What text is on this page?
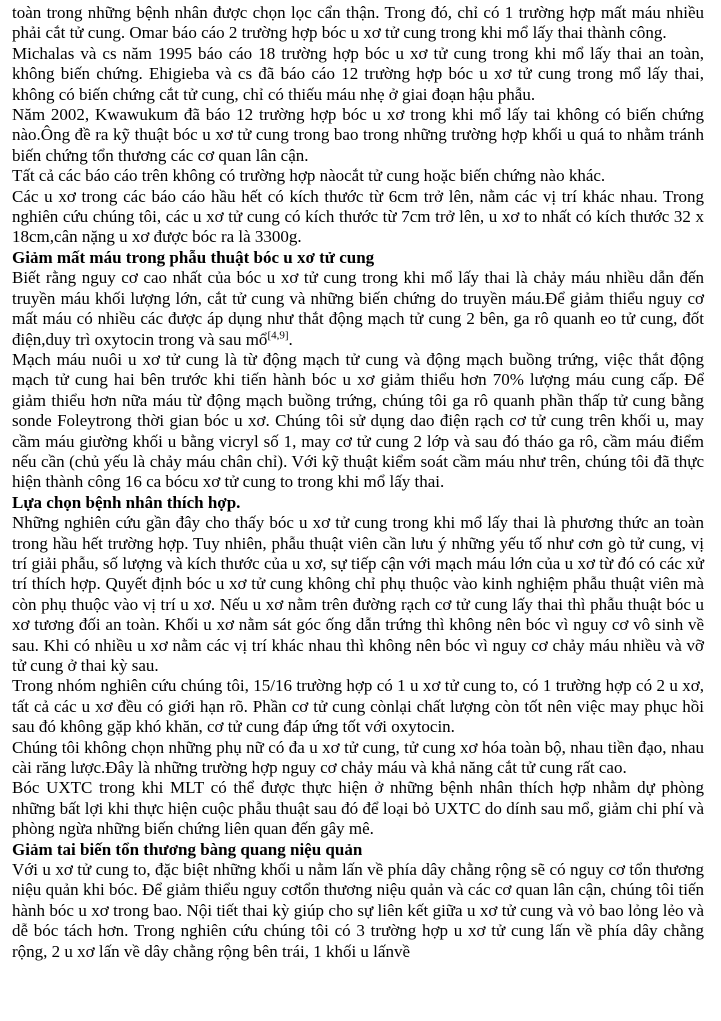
toàn trong những bệnh nhân được chọn lọc cẩn thận. Trong đó, chỉ có 1 trường hợp mất máu nhiều phải cắt tử cung. Omar báo cáo 2 trường hợp bóc u xơ tử cung trong khi mổ lấy thai thành công.

Michalas và cs năm 1995 báo cáo 18 trường hợp bóc u xơ tử cung trong khi mổ lấy thai an toàn, không biến chứng. Ehigieba và cs đã báo cáo 12 trường hợp bóc u xơ tử cung trong mổ lấy thai, không có biến chứng cắt tử cung, chỉ có thiếu máu nhẹ ở giai đoạn hậu phẫu.

Năm 2002, Kwawukum đã báo 12 trường hợp bóc u xơ trong khi mổ lấy tai không có biến chứng nào.Ông đề ra kỹ thuật bóc u xơ tử cung trong bao trong những trường hợp khối u quá to nhằm tránh biến chứng tổn thương các cơ quan lân cận.

Tất cả các báo cáo trên không có trường hợp nàocắt tử cung hoặc biến chứng nào khác.

Các u xơ trong các báo cáo hầu hết có kích thước từ 6cm trở lên, nằm các vị trí khác nhau. Trong nghiên cứu chúng tôi, các u xơ tử cung có kích thước từ 7cm trở lên, u xơ to nhất có kích thước 32 x 18cm,cân nặng u xơ được bóc ra là 3300g.

Giảm mất máu trong phẫu thuật bóc u xơ tử cung

Biết rằng nguy cơ cao nhất của bóc u xơ tử cung trong khi mổ lấy thai là chảy máu nhiều dẫn đến truyền máu khối lượng lớn, cắt tử cung và những biến chứng do truyền máu.Để giảm thiểu nguy cơ mất máu có nhiều các được áp dụng như thắt động mạch tử cung 2 bên, ga rô quanh eo tử cung, đốt điện,duy trì oxytocin trong và sau mổ[4,9].

Mạch máu nuôi u xơ tử cung là từ động mạch tử cung và động mạch buồng trứng, việc thắt động mạch tử cung hai bên trước khi tiến hành bóc u xơ giảm thiểu hơn 70% lượng máu cung cấp. Để giảm thiểu hơn nữa máu từ động mạch buồng trứng, chúng tôi ga rô quanh phần thấp tử cung bằng sonde Foleytrong thời gian bóc u xơ. Chúng tôi sử dụng dao điện rạch cơ tử cung trên khối u, may cầm máu giường khối u bằng vicryl số 1, may cơ tử cung 2 lớp và sau đó tháo ga rô, cầm máu điểm nếu cần (chủ yếu là chảy máu chân chỉ). Với kỹ thuật kiểm soát cầm máu như trên, chúng tôi đã thực hiện thành công 16 ca bócu xơ tử cung to trong khi mổ lấy thai.

Lựa chọn bệnh nhân thích hợp.

Những nghiên cứu gần đây cho thấy bóc u xơ tử cung trong khi mổ lấy thai là phương thức an toàn trong hầu hết trường hợp. Tuy nhiên, phẫu thuật viên cần lưu ý những yếu tố như cơn gò tử cung, vị trí giải phẫu, số lượng và kích thước của u xơ, sự tiếp cận với mạch máu lớn của u xơ từ đó có các xử trí thích hợp. Quyết định bóc u xơ tử cung không chỉ phụ thuộc vào kinh nghiệm phẫu thuật viên mà còn phụ thuộc vào vị trí u xơ. Nếu u xơ nằm trên đường rạch cơ tử cung lấy thai thì phẫu thuật bóc u xơ tương đối an toàn. Khối u xơ nằm sát góc ống dẫn trứng thì không nên bóc vì nguy cơ vô sinh về sau. Khi có nhiều u xơ nằm các vị trí khác nhau thì không nên bóc vì nguy cơ chảy máu nhiều và vỡ tử cung ở thai kỳ sau.

Trong nhóm nghiên cứu chúng tôi, 15/16 trường hợp có 1 u xơ tử cung to, có 1 trường hợp có 2 u xơ, tất cả các u xơ đều có giới hạn rõ. Phần cơ tử cung cònlại chất lượng còn tốt nên việc may phục hồi sau đó không gặp khó khăn, cơ tử cung đáp ứng tốt với oxytocin.

Chúng tôi không chọn những phụ nữ có đa u xơ tử cung, tử cung xơ hóa toàn bộ, nhau tiền đạo, nhau cài răng lược.Đây là những trường hợp nguy cơ chảy máu và khả năng cắt tử cung rất cao.

Bóc UXTC trong khi MLT có thể được thực hiện ở những bệnh nhân thích hợp nhằm dự phòng những bất lợi khi thực hiện cuộc phẫu thuật sau đó để loại bỏ UXTC do dính sau mổ, giảm chi phí và phòng ngừa những biến chứng liên quan đến gây mê.

Giảm tai biến tổn thương bàng quang niệu quản

Với u xơ tử cung to, đặc biệt những khối u nằm lấn về phía dây chằng rộng sẽ có nguy cơ tổn thương niệu quản khi bóc. Để giảm thiểu nguy cơtổn thương niệu quản và các cơ quan lân cận, chúng tôi tiến hành bóc u xơ trong bao. Nội tiết thai kỳ giúp cho sự liên kết giữa u xơ tử cung và vỏ bao lỏng lẻo và dễ bóc tách hơn. Trong nghiên cứu chúng tôi có 3 trường hợp u xơ tử cung lấn về phía dây chằng rộng, 2 u xơ lấn về dây chằng rộng bên trái, 1 khối u lấnvề
